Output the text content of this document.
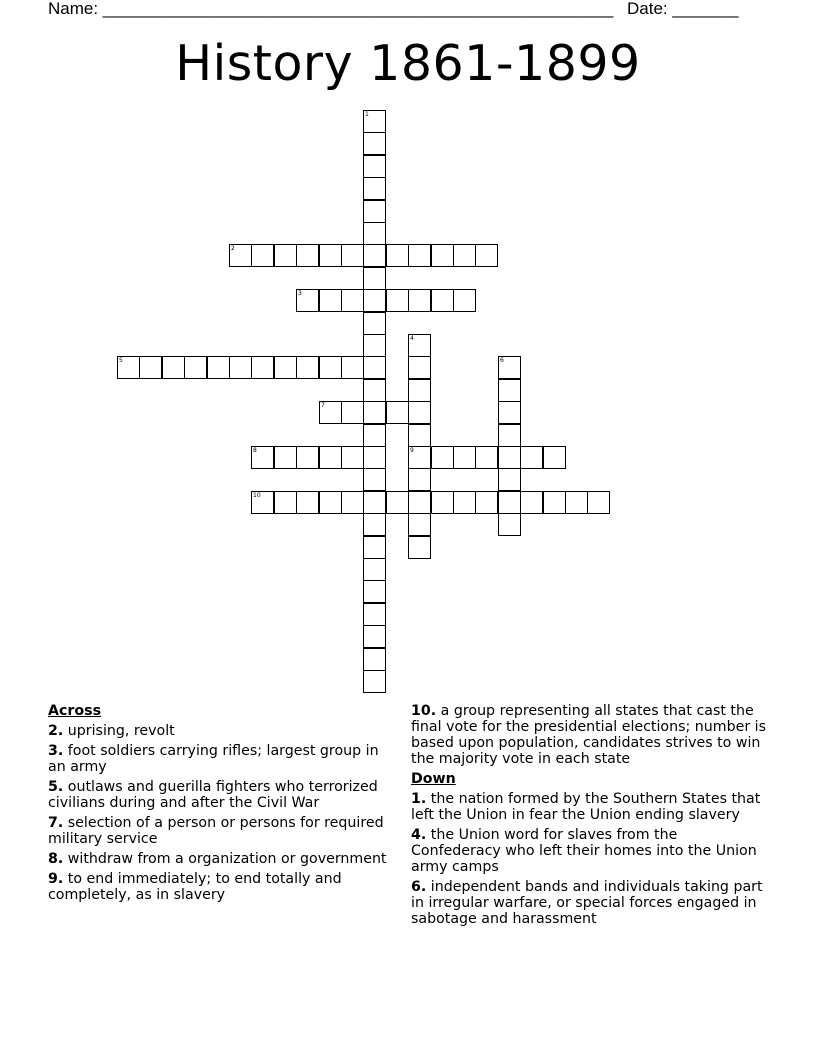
Name: ______________________________________________________ Date: _______
History 1861-1899
1
2
3
4
9
5	6
7
8
10
Across
2. uprising, revolt
3. foot soldiers carrying rifles; largest group in an army
5. outlaws and guerilla fighters who terrorized civilians during and after the Civil War
7. selection of a person or persons for required military service
8. withdraw from a organization or government
9. to end immediately; to end totally and completely, as in slavery
10. a group representing all states that cast the final vote for the presidential elections; number is based upon population, candidates strives to win the majority vote in each state
Down
1. the nation formed by the Southern States that left the Union in fear the Union ending slavery
4. the Union word for slaves from the Confederacy who left their homes into the Union army camps
6. independent bands and individuals taking part in irregular warfare, or special forces engaged in sabotage and harassment
